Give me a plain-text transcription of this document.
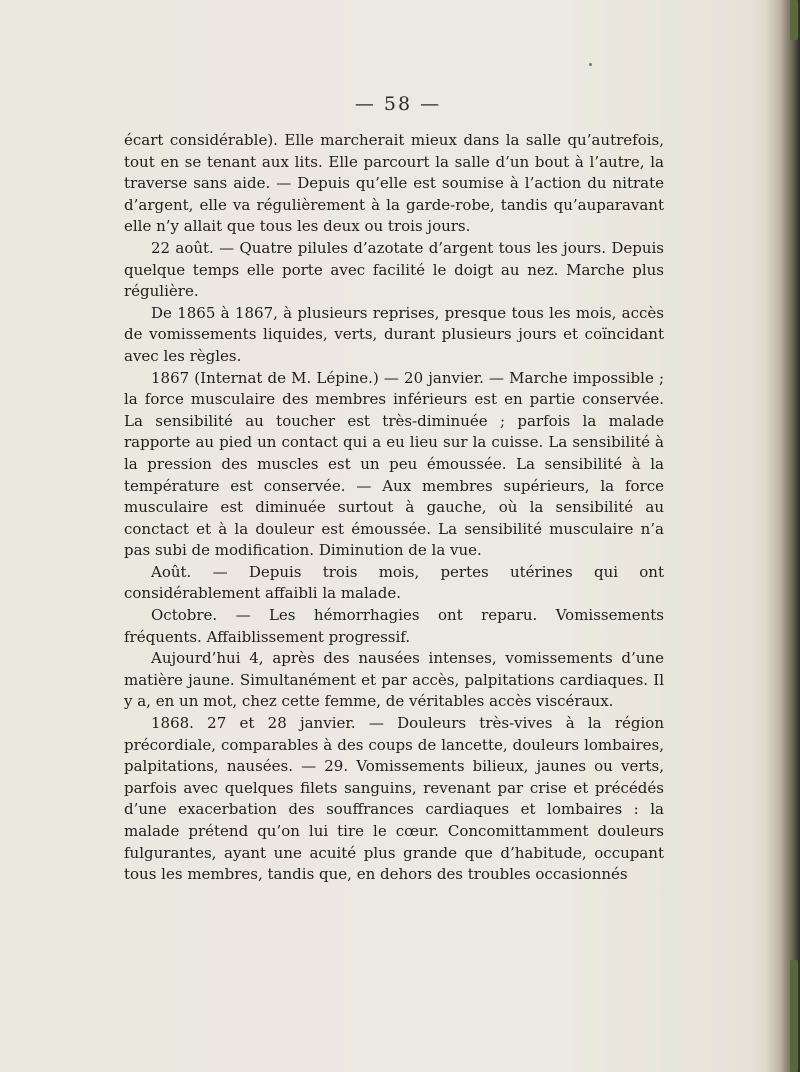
— 58 —

écart considérable). Elle marcherait mieux dans la salle qu’autrefois, tout en se tenant aux lits. Elle parcourt la salle d’un bout à l’autre, la traverse sans aide. — Depuis qu’elle est soumise à l’action du nitrate d’argent, elle va régulièrement à la garde-robe, tandis qu’auparavant elle n’y allait que tous les deux ou trois jours.

22 août. — Quatre pilules d’azotate d’argent tous les jours. Depuis quelque temps elle porte avec facilité le doigt au nez. Marche plus régulière.

De 1865 à 1867, à plusieurs reprises, presque tous les mois, accès de vomissements liquides, verts, durant plusieurs jours et coïncidant avec les règles.

1867 (Internat de M. Lépine.) — 20 janvier. — Marche impossible ; la force musculaire des membres inférieurs est en partie conservée. La sensibilité au toucher est très-diminuée ; parfois la malade rapporte au pied un contact qui a eu lieu sur la cuisse. La sensibilité à la pression des muscles est un peu émoussée. La sensibilité à la température est conservée. — Aux membres supérieurs, la force musculaire est diminuée surtout à gauche, où la sensibilité au conctact et à la douleur est émoussée. La sensibilité musculaire n’a pas subi de modification. Diminution de la vue.

Août. — Depuis trois mois, pertes utérines qui ont considérablement affaibli la malade.

Octobre. — Les hémorrhagies ont reparu. Vomissements fréquents. Affaiblissement progressif.

Aujourd’hui 4, après des nausées intenses, vomissements d’une matière jaune. Simultanément et par accès, palpitations cardiaques. Il y a, en un mot, chez cette femme, de véritables accès viscéraux.

1868. 27 et 28 janvier. — Douleurs très-vives à la région précordiale, comparables à des coups de lancette, douleurs lombaires, palpitations, nausées. — 29. Vomissements bilieux, jaunes ou verts, parfois avec quelques filets sanguins, revenant par crise et précédés d’une exacerbation des souffrances cardiaques et lombaires : la malade prétend qu’on lui tire le cœur. Concomittamment douleurs fulgurantes, ayant une acuité plus grande que d’habitude, occupant tous les membres, tandis que, en dehors des troubles occasionnés
